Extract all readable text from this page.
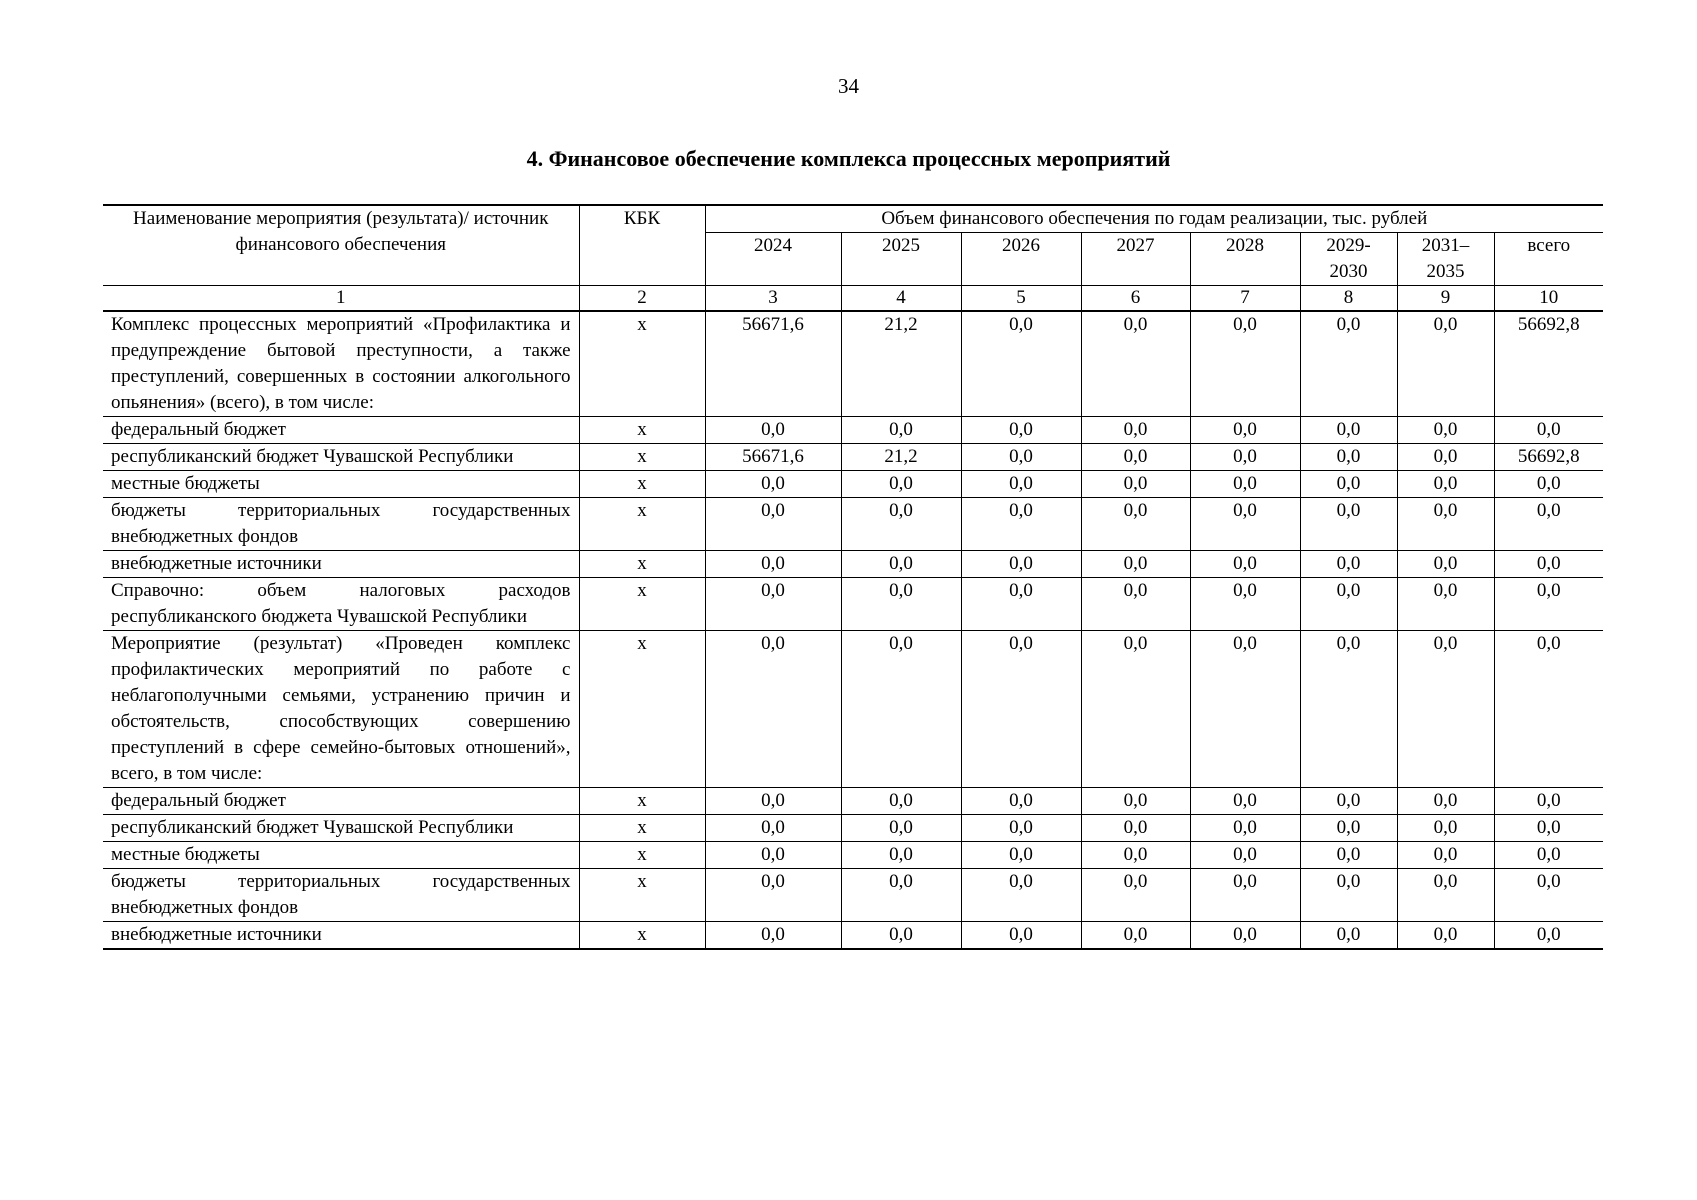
34
4. Финансовое обеспечение комплекса процессных мероприятий
Наименование мероприятия (результата)/ источник финансового обеспечения	КБК	Объем финансового обеспечения по годам реализации, тыс. рублей							
		2024	2025	2026	2027	2028	2029- 2030	2031– 2035	всего
1	2	3	4	5	6	7	8	9	10
Комплекс процессных мероприятий «Профилактика и предупреждение бытовой преступности, а также преступлений, совершенных в состоянии алкогольного опьянения» (всего), в том числе:	x	56671,6	21,2	0,0	0,0	0,0	0,0	0,0	56692,8
федеральный бюджет	x	0,0	0,0	0,0	0,0	0,0	0,0	0,0	0,0
республиканский бюджет Чувашской Республики	x	56671,6	21,2	0,0	0,0	0,0	0,0	0,0	56692,8
местные бюджеты	x	0,0	0,0	0,0	0,0	0,0	0,0	0,0	0,0
бюджеты территориальных государственных внебюджетных фондов	x	0,0	0,0	0,0	0,0	0,0	0,0	0,0	0,0
внебюджетные источники	x	0,0	0,0	0,0	0,0	0,0	0,0	0,0	0,0
Справочно: объем налоговых расходов республиканского бюджета Чувашской Республики	x	0,0	0,0	0,0	0,0	0,0	0,0	0,0	0,0
Мероприятие (результат) «Проведен комплекс профилактических мероприятий по работе с неблагополучными семьями, устранению причин и обстоятельств, способствующих совершению преступлений в сфере семейно-бытовых отношений», всего, в том числе:	x	0,0	0,0	0,0	0,0	0,0	0,0	0,0	0,0
федеральный бюджет	x	0,0	0,0	0,0	0,0	0,0	0,0	0,0	0,0
республиканский бюджет Чувашской Республики	x	0,0	0,0	0,0	0,0	0,0	0,0	0,0	0,0
местные бюджеты	x	0,0	0,0	0,0	0,0	0,0	0,0	0,0	0,0
бюджеты территориальных государственных внебюджетных фондов	x	0,0	0,0	0,0	0,0	0,0	0,0	0,0	0,0
внебюджетные источники	x	0,0	0,0	0,0	0,0	0,0	0,0	0,0	0,0
